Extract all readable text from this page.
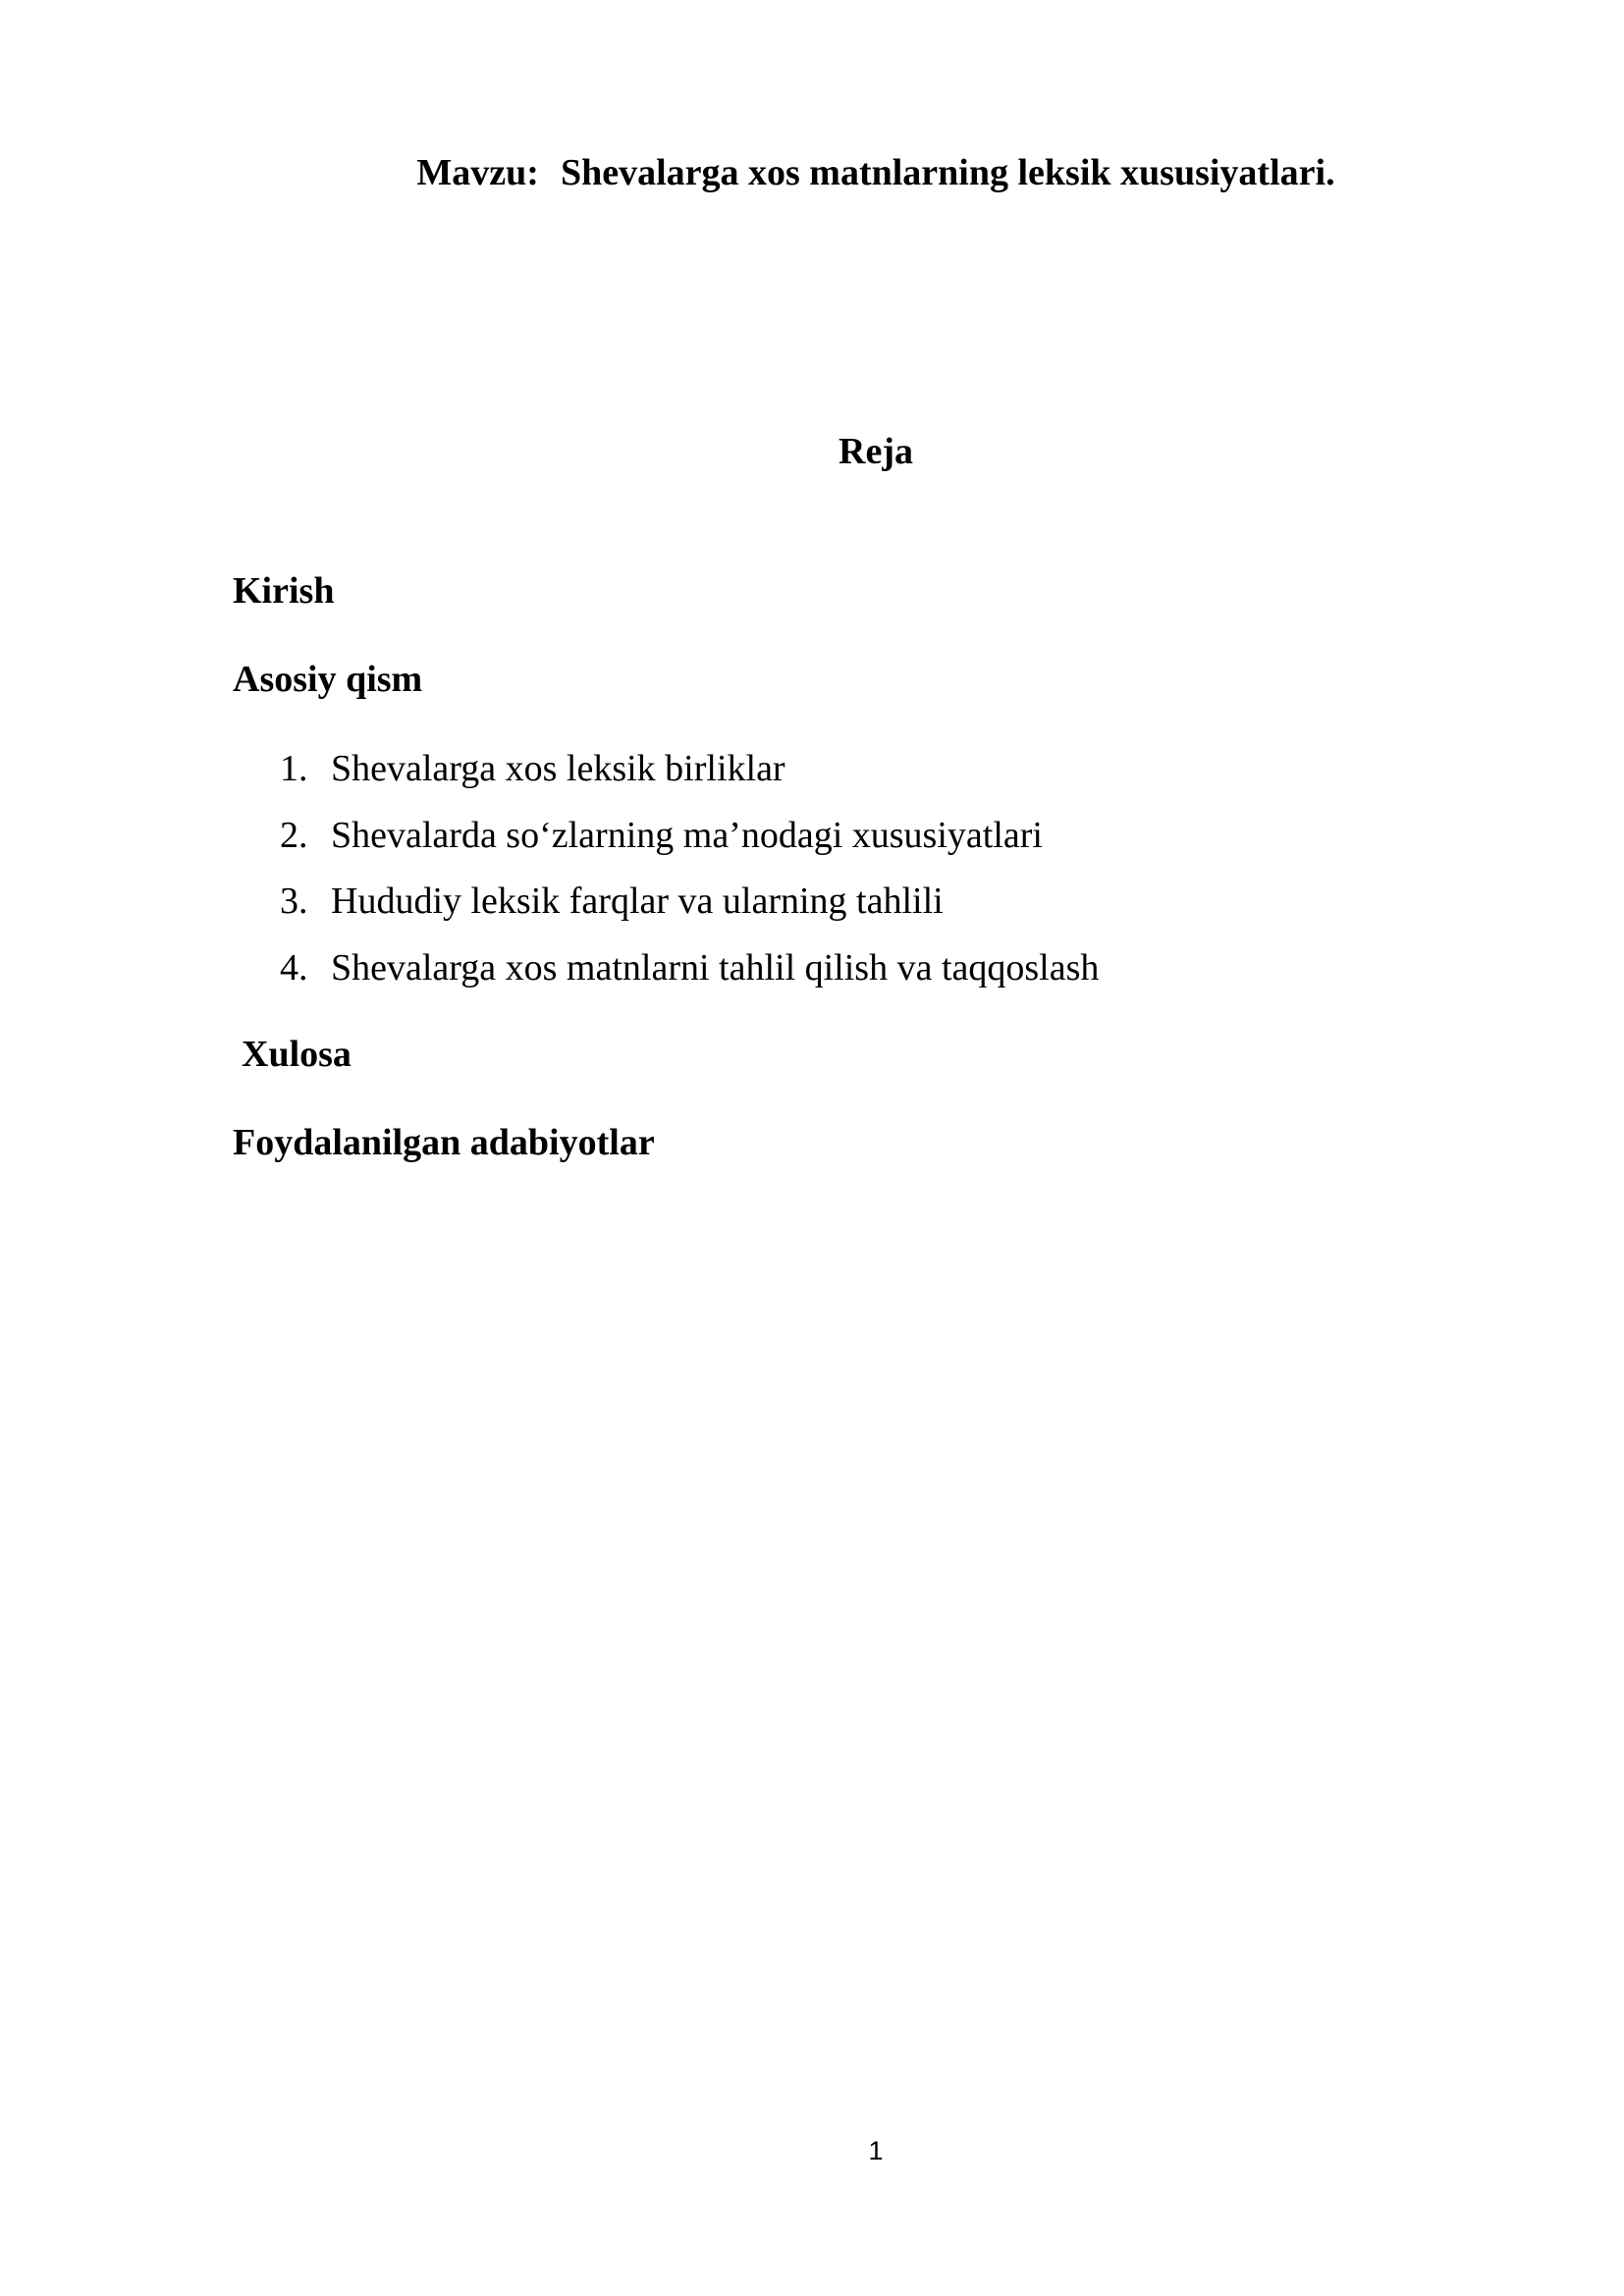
Mavzu: Shevalarga xos matnlarning leksik xususiyatlari.
Reja
Kirish
Asosiy qism
1. Shevalarga xos leksik birliklar
2. Shevalarda so‘zlarning ma’nodagi xususiyatlari
3. Hududiy leksik farqlar va ularning tahlili
4. Shevalarga xos matnlarni tahlil qilish va taqqoslash
Xulosa
Foydalanilgan adabiyotlar
1
